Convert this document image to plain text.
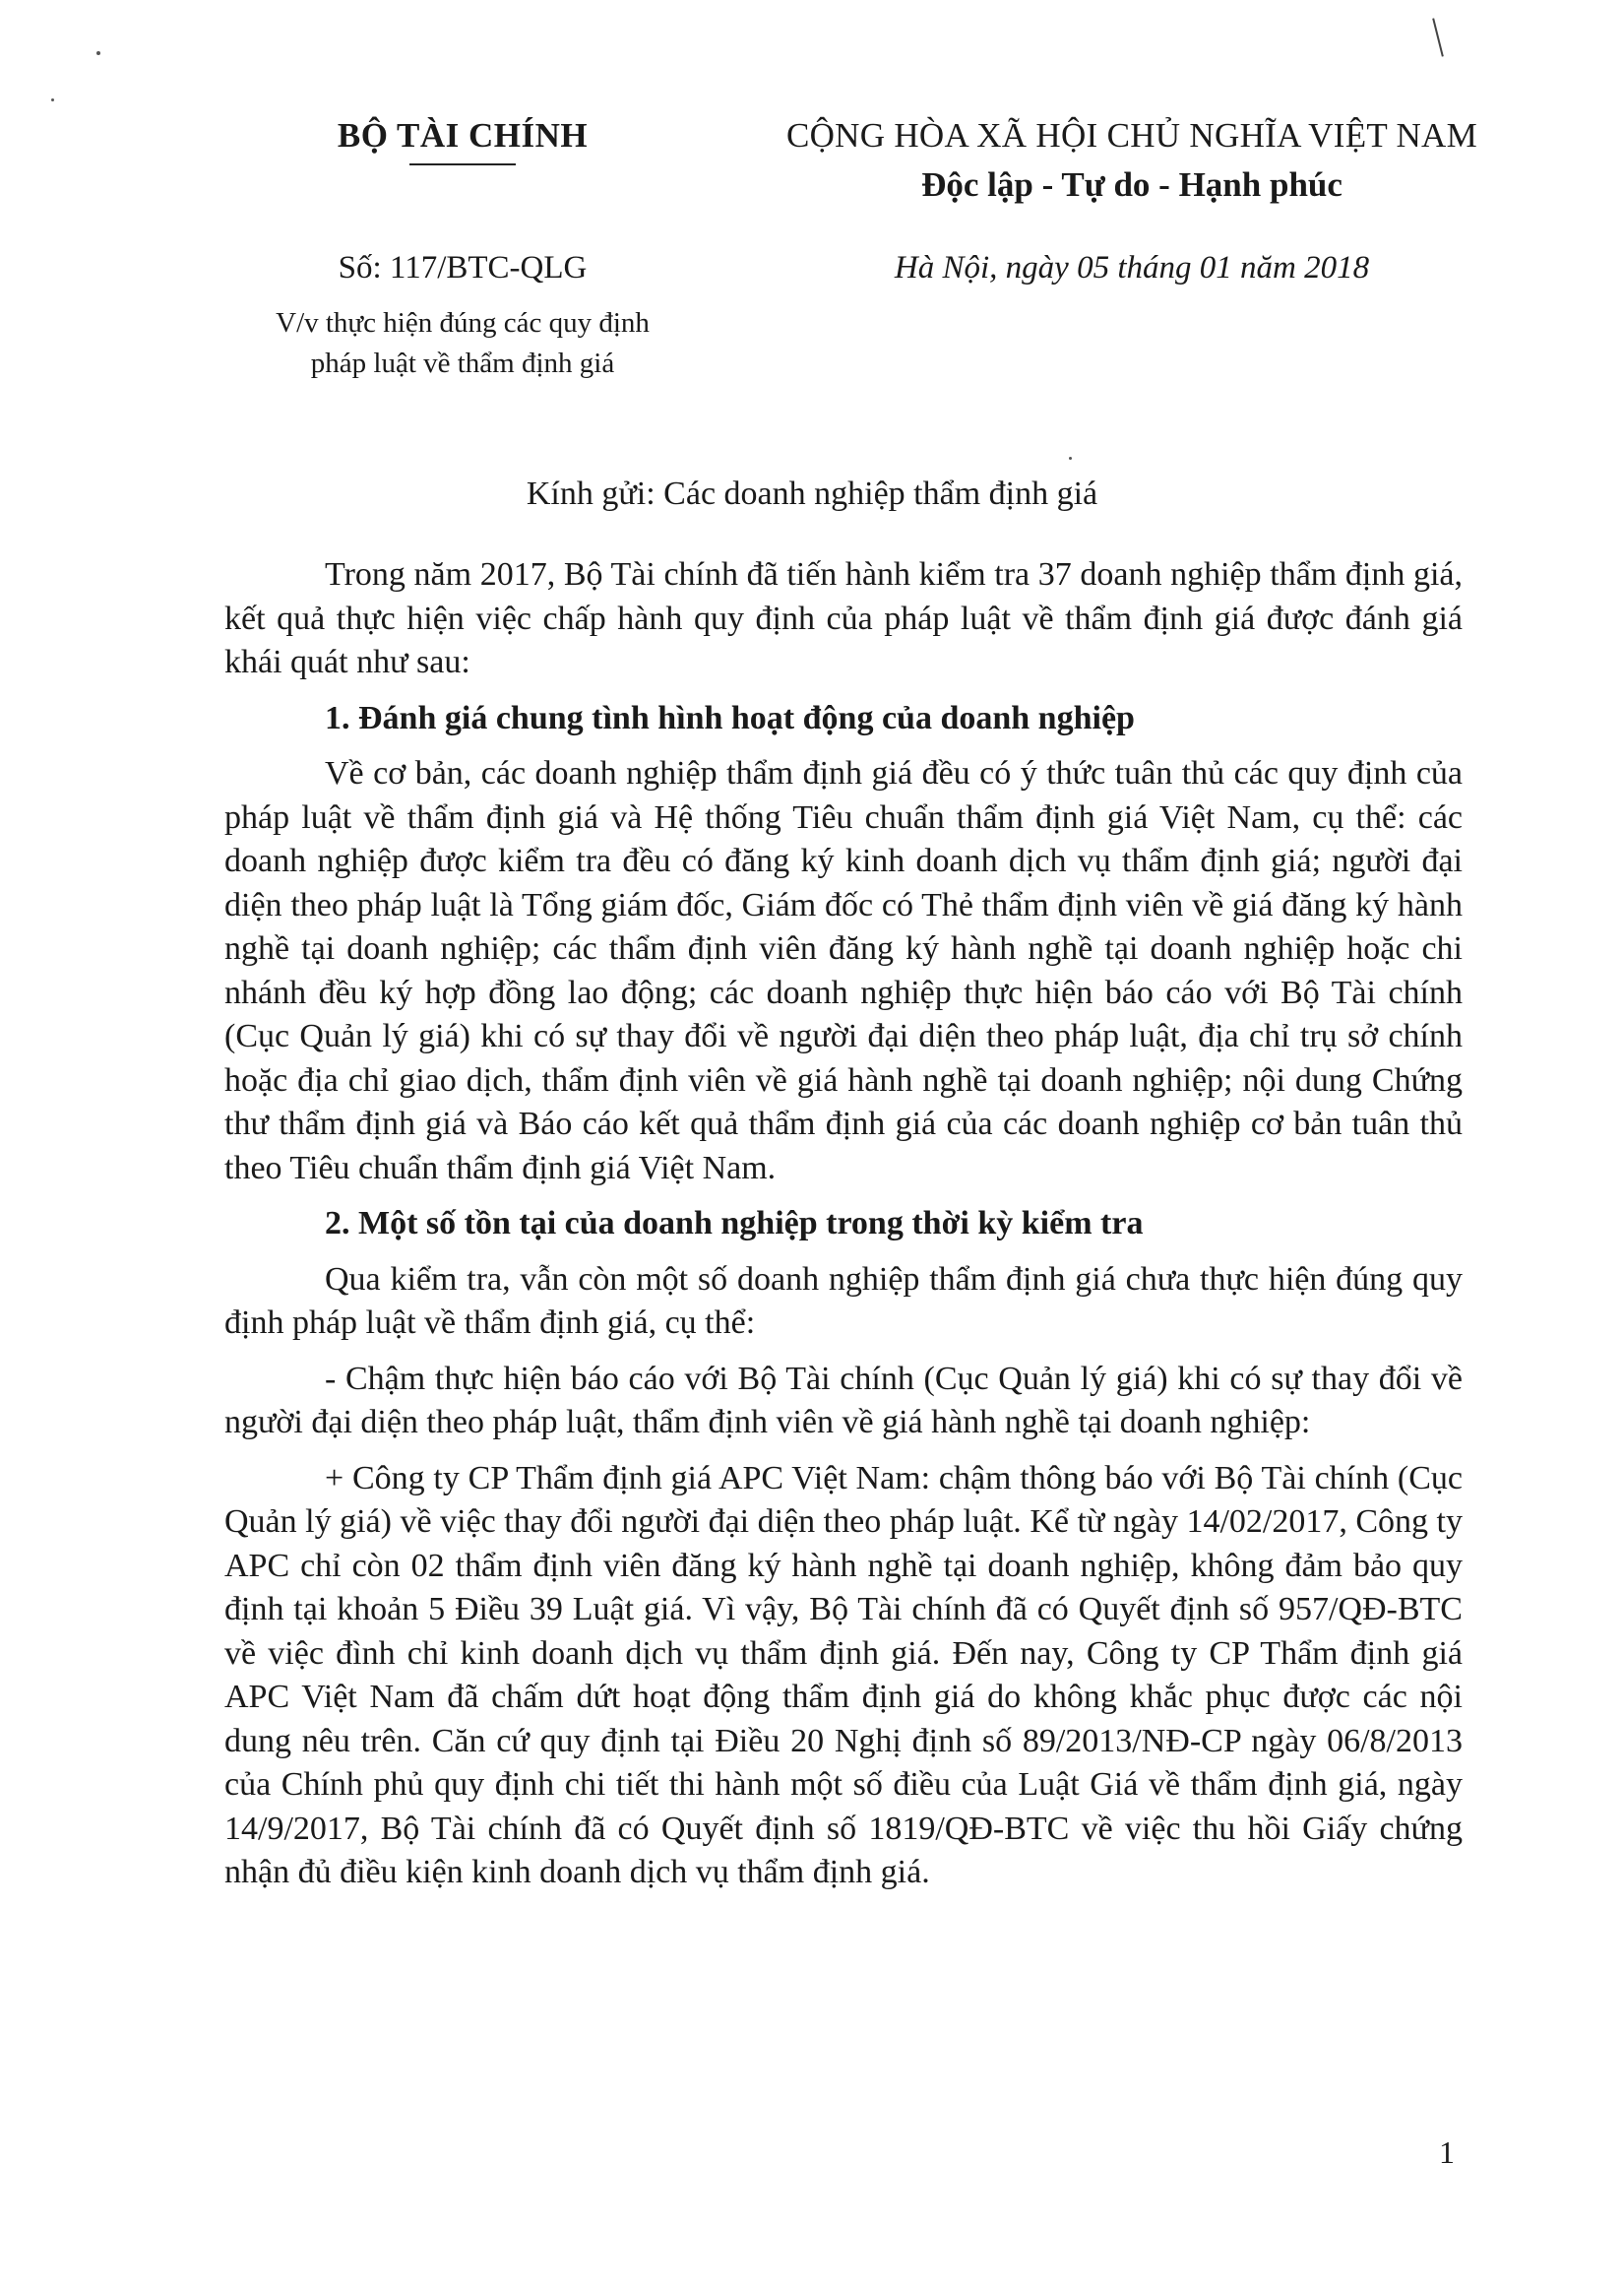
BỘ TÀI CHÍNH
Số: 117/BTC-QLG
V/v thực hiện đúng các quy định
pháp luật về thẩm định giá
CỘNG HÒA XÃ HỘI CHỦ NGHĨA VIỆT NAM
Độc lập - Tự do - Hạnh phúc
Hà Nội, ngày 05 tháng 01 năm 2018
Kính gửi: Các doanh nghiệp thẩm định giá

Trong năm 2017, Bộ Tài chính đã tiến hành kiểm tra 37 doanh nghiệp thẩm định giá, kết quả thực hiện việc chấp hành quy định của pháp luật về thẩm định giá được đánh giá khái quát như sau:

1. Đánh giá chung tình hình hoạt động của doanh nghiệp

Về cơ bản, các doanh nghiệp thẩm định giá đều có ý thức tuân thủ các quy định của pháp luật về thẩm định giá và Hệ thống Tiêu chuẩn thẩm định giá Việt Nam, cụ thể: các doanh nghiệp được kiểm tra đều có đăng ký kinh doanh dịch vụ thẩm định giá; người đại diện theo pháp luật là Tổng giám đốc, Giám đốc có Thẻ thẩm định viên về giá đăng ký hành nghề tại doanh nghiệp; các thẩm định viên đăng ký hành nghề tại doanh nghiệp hoặc chi nhánh đều ký hợp đồng lao động; các doanh nghiệp thực hiện báo cáo với Bộ Tài chính (Cục Quản lý giá) khi có sự thay đổi về người đại diện theo pháp luật, địa chỉ trụ sở chính hoặc địa chỉ giao dịch, thẩm định viên về giá hành nghề tại doanh nghiệp; nội dung Chứng thư thẩm định giá và Báo cáo kết quả thẩm định giá của các doanh nghiệp cơ bản tuân thủ theo Tiêu chuẩn thẩm định giá Việt Nam.

2. Một số tồn tại của doanh nghiệp trong thời kỳ kiểm tra

Qua kiểm tra, vẫn còn một số doanh nghiệp thẩm định giá chưa thực hiện đúng quy định pháp luật về thẩm định giá, cụ thể:

- Chậm thực hiện báo cáo với Bộ Tài chính (Cục Quản lý giá) khi có sự thay đổi về người đại diện theo pháp luật, thẩm định viên về giá hành nghề tại doanh nghiệp:

+ Công ty CP Thẩm định giá APC Việt Nam: chậm thông báo với Bộ Tài chính (Cục Quản lý giá) về việc thay đổi người đại diện theo pháp luật. Kể từ ngày 14/02/2017, Công ty APC chỉ còn 02 thẩm định viên đăng ký hành nghề tại doanh nghiệp, không đảm bảo quy định tại khoản 5 Điều 39 Luật giá. Vì vậy, Bộ Tài chính đã có Quyết định số 957/QĐ-BTC về việc đình chỉ kinh doanh dịch vụ thẩm định giá. Đến nay, Công ty CP Thẩm định giá APC Việt Nam đã chấm dứt hoạt động thẩm định giá do không khắc phục được các nội dung nêu trên. Căn cứ quy định tại Điều 20 Nghị định số 89/2013/NĐ-CP ngày 06/8/2013 của Chính phủ quy định chi tiết thi hành một số điều của Luật Giá về thẩm định giá, ngày 14/9/2017, Bộ Tài chính đã có Quyết định số 1819/QĐ-BTC về việc thu hồi Giấy chứng nhận đủ điều kiện kinh doanh dịch vụ thẩm định giá.

1
